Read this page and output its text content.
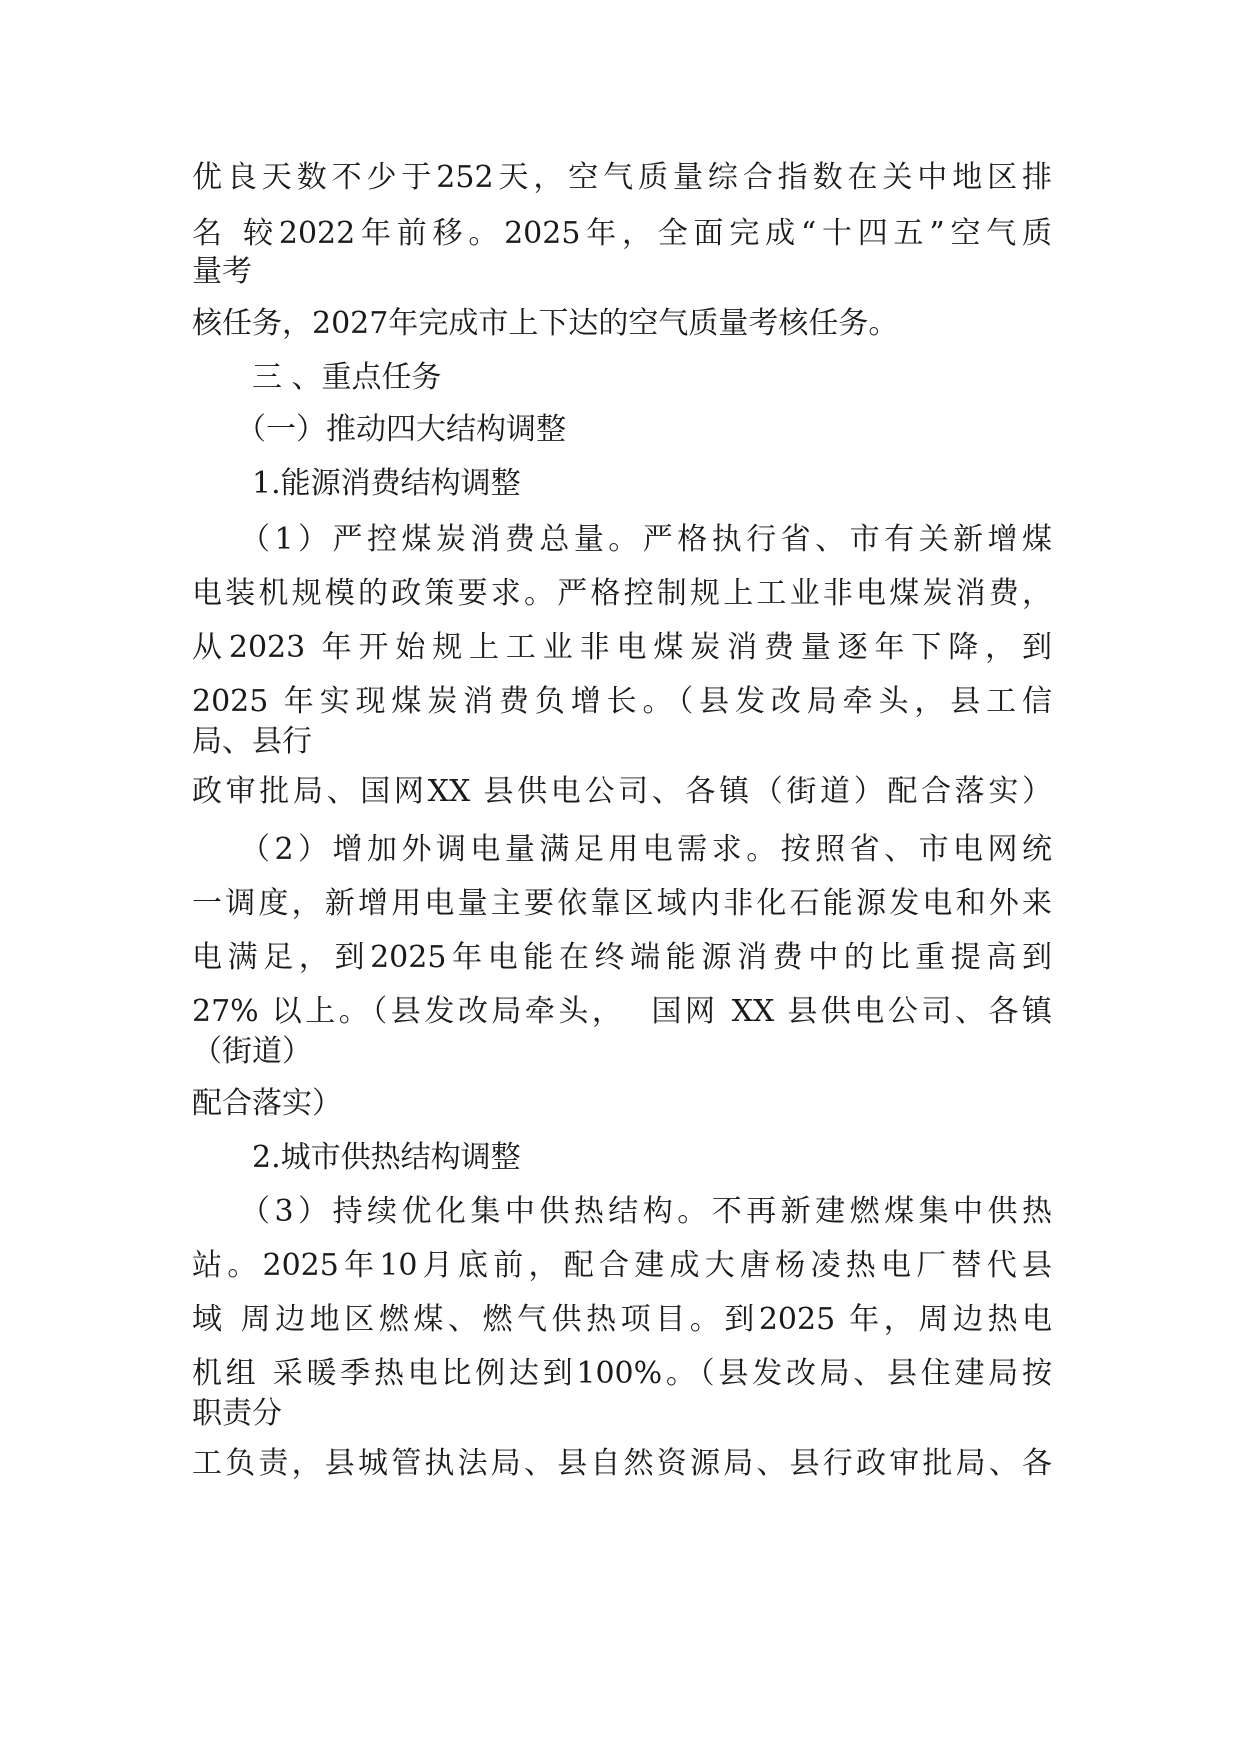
优良天数不少于252天，空气质量综合指数在关中地区排
名 较2022年前移。2025年，全面完成“十四五”空气质
量考
核任务，2027年完成市上下达的空气质量考核任务。
三 、重点任务
（一）推动四大结构调整
1.能源消费结构调整
（1）严控煤炭消费总量。严格执行省、市有关新增煤
电装机规模的政策要求。严格控制规上工业非电煤炭消费，
从2023 年开始规上工业非电煤炭消费量逐年下降，到
2025 年实现煤炭消费负增长。（县发改局牵头，县工信
局、县行
政审批局、国网XX 县供电公司、各镇（街道）配合落实）
（2）增加外调电量满足用电需求。按照省、市电网统
一调度，新增用电量主要依靠区域内非化石能源发电和外来
电满足，到2025年电能在终端能源消费中的比重提高到
27% 以上。（县发改局牵头，  国网 XX 县供电公司、各镇
（街道）
配合落实）
2.城市供热结构调整
（3）持续优化集中供热结构。不再新建燃煤集中供热
站。2025年10月底前，配合建成大唐杨凌热电厂替代县
域 周边地区燃煤、燃气供热项目。到2025 年，周边热电
机组 采暖季热电比例达到100%。（县发改局、县住建局按
职责分
工负责，县城管执法局、县自然资源局、县行政审批局、各
